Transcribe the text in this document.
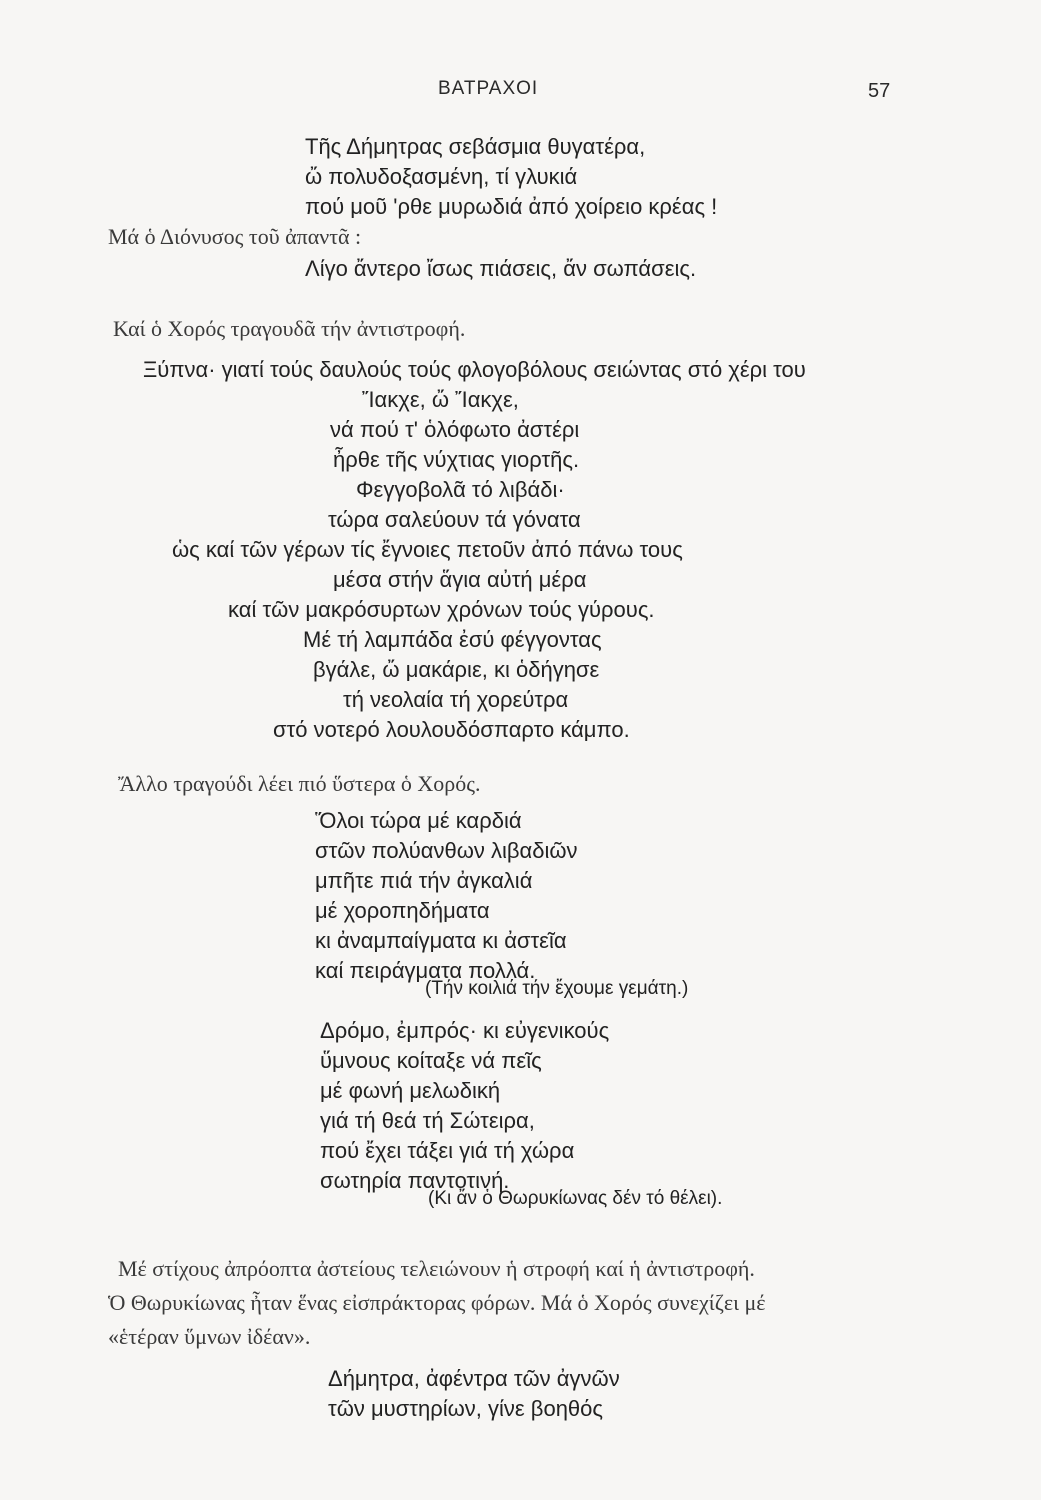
ΒΑΤΡΑΧΟΙ	57
Τῆς Δήμητρας σεβάσμια θυγατέρα,
ὤ πολυδοξασμένη, τί γλυκιά
πού μοῦ 'ρθε μυρωδιά ἀπό χοίρειο κρέας !
Μά ὁ Διόνυσος τοῦ ἀπαντᾶ :
Λίγο ἄντερο ἴσως πιάσεις, ἄν σωπάσεις.
Καί ὁ Χορός τραγουδᾶ τήν ἀντιστροφή.
Ξύπνα· γιατί τούς δαυλούς τούς φλογοβόλους σειώντας στό χέρι του
Ἴακχε, ὤ Ἴακχε,
νά πού τ' ὁλόφωτο ἀστέρι
ἦρθε τῆς νύχτιας γιορτῆς.
Φεγγοβολᾶ τό λιβάδι·
τώρα σαλεύουν τά γόνατα
ὡς καί τῶν γέρων τίς ἔγνοιες πετοῦν ἀπό πάνω τους
μέσα στήν ἅγια αὐτή μέρα
καί τῶν μακρόσυρτων χρόνων τούς γύρους.
Μέ τή λαμπάδα ἐσύ φέγγοντας
βγάλε, ὤ μακάριε, κι ὁδήγησε
τή νεολαία τή χορεύτρα
στό νοτερό λουλουδόσπαρτο κάμπο.
Ἄλλο τραγούδι λέει πιό ὕστερα ὁ Χορός.
Ὅλοι τώρα μέ καρδιά
στῶν πολύανθων λιβαδιῶν
μπῆτε πιά τήν ἀγκαλιά
μέ χοροπηδήματα
κι ἀναμπαίγματα κι ἀστεῖα
καί πειράγματα πολλά.
(Τήν κοιλιά τήν ἔχουμε γεμάτη.)
Δρόμο, ἐμπρός· κι εὐγενικούς
ὕμνους κοίταξε νά πεῖς
μέ φωνή μελωδική
γιά τή θεά τή Σώτειρα,
πού ἔχει τάξει γιά τή χώρα
σωτηρία παντοτινή.
(Κι ἄν ὁ Θωρυκίωνας δέν τό θέλει).
Μέ στίχους ἀπρόοπτα ἀστείους τελειώνουν ἡ στροφή καί ἡ ἀντιστροφή.
Ὁ Θωρυκίωνας ἦταν ἕνας εἰσπράκτορας φόρων. Μά ὁ Χορός συνεχίζει μέ
«ἑτέραν ὕμνων ἰδέαν».
Δήμητρα, ἀφέντρα τῶν ἀγνῶν
τῶν μυστηρίων, γίνε βοηθός
